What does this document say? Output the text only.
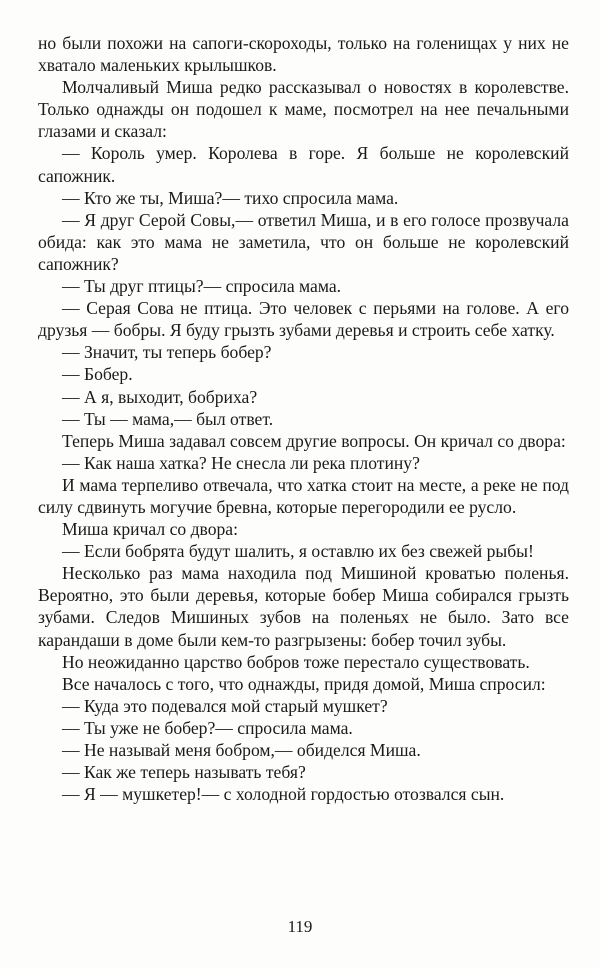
но были похожи на сапоги-скороходы, только на голенищах у них не хватало маленьких крылышков.

Молчаливый Миша редко рассказывал о новостях в королевстве. Только однажды он подошел к маме, посмотрел на нее печальными глазами и сказал:

— Король умер. Королева в горе. Я больше не королевский сапожник.

— Кто же ты, Миша?— тихо спросила мама.

— Я друг Серой Совы,— ответил Миша, и в его голосе прозвучала обида: как это мама не заметила, что он больше не королевский сапожник?

— Ты друг птицы?— спросила мама.

— Серая Сова не птица. Это человек с перьями на голове. А его друзья — бобры. Я буду грызть зубами деревья и строить себе хатку.

— Значит, ты теперь бобер?

— Бобер.

— А я, выходит, бобриха?

— Ты — мама,— был ответ.

Теперь Миша задавал совсем другие вопросы. Он кричал со двора:

— Как наша хатка? Не снесла ли река плотину?

И мама терпеливо отвечала, что хатка стоит на месте, а реке не под силу сдвинуть могучие бревна, которые перегородили ее русло.

Миша кричал со двора:

— Если бобрята будут шалить, я оставлю их без свежей рыбы!

Несколько раз мама находила под Мишиной кроватью поленья. Вероятно, это были деревья, которые бобер Миша собирался грызть зубами. Следов Мишиных зубов на поленьях не было. Зато все карандаши в доме были кем-то разгрызены: бобер точил зубы.

Но неожиданно царство бобров тоже перестало существовать.

Все началось с того, что однажды, придя домой, Миша спросил:

— Куда это подевался мой старый мушкет?

— Ты уже не бобер?— спросила мама.

— Не называй меня бобром,— обиделся Миша.

— Как же теперь называть тебя?

— Я — мушкетер!— с холодной гордостью отозвался сын.

119
